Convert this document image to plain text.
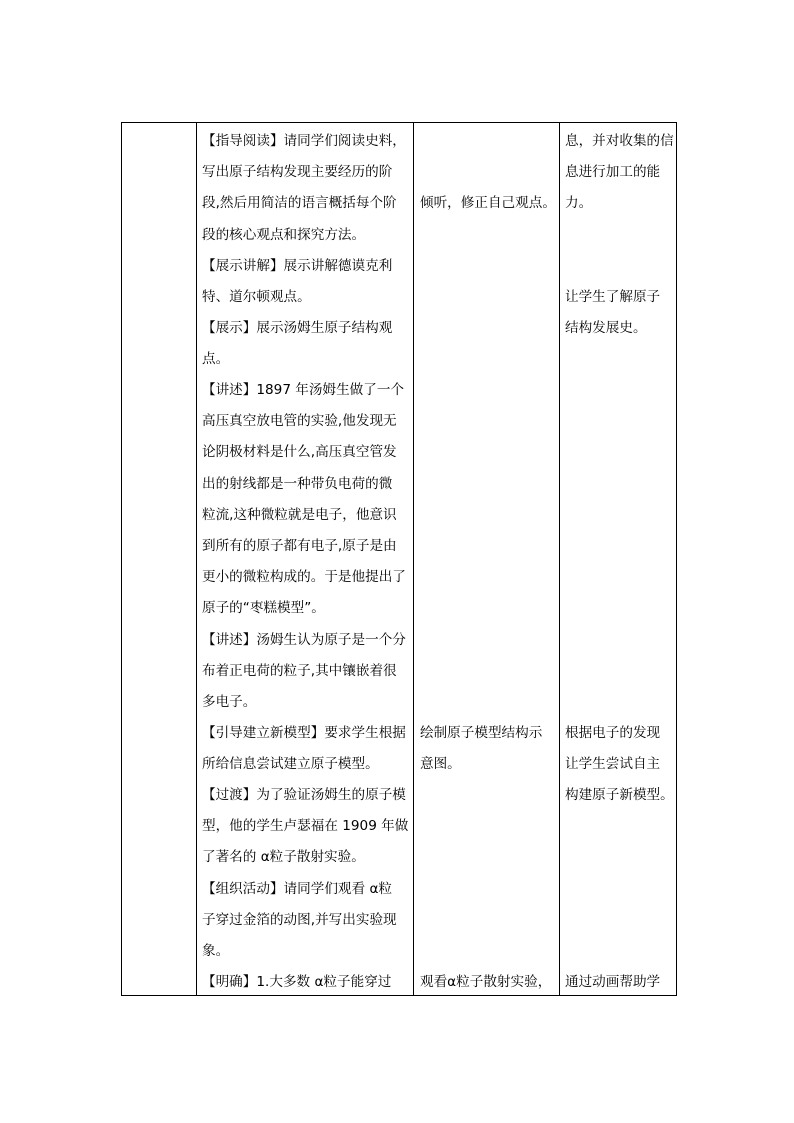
【指导阅读】请同学们阅读史料，
写出原子结构发现主要经历的阶
段,然后用简洁的语言概括每个阶
段的核心观点和探究方法。
【展示讲解】展示讲解德谟克利
特、道尔顿观点。
【展示】展示汤姆生原子结构观
点。
【讲述】1897 年汤姆生做了一个
高压真空放电管的实验,他发现无
论阴极材料是什么,高压真空管发
出的射线都是一种带负电荷的微
粒流,这种微粒就是电子，他意识
到所有的原子都有电子,原子是由
更小的微粒构成的。于是他提出了
原子的“枣糕模型”。
【讲述】汤姆生认为原子是一个分
布着正电荷的粒子,其中镶嵌着很
多电子。
【引导建立新模型】要求学生根据
所给信息尝试建立原子模型。
【过渡】为了验证汤姆生的原子模
型，他的学生卢瑟福在 1909 年做
了著名的 α粒子散射实验。
【组织活动】请同学们观看 α粒
子穿过金箔的动图,并写出实验现
象。
【明确】1.大多数 α粒子能穿过
倾听，修正自己观点。
绘制原子模型结构示
意图。
观看α粒子散射实验，
息，并对收集的信
息进行加工的能
力。
让学生了解原子
结构发展史。
根据电子的发现
让学生尝试自主
构建原子新模型。
通过动画帮助学
